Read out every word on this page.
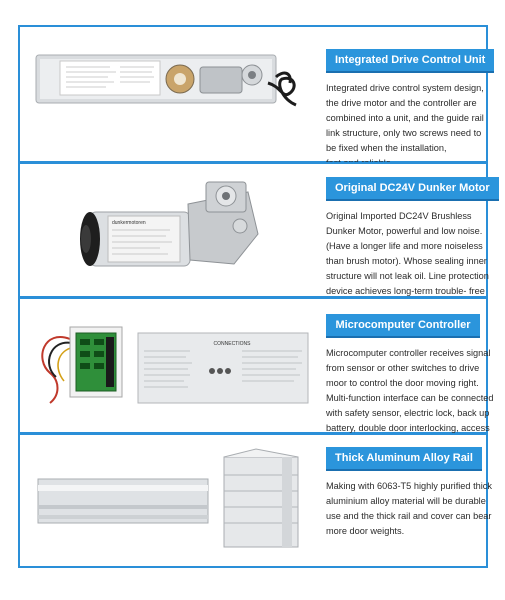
Integrated Drive Control Unit
Integrated drive control system design,
the drive motor and the controller are
combined into a unit, and the guide rail
link structure, only two screws need to
be fixed when the installation,
dunkermotoren
Original DC24V Dunker Motor
Original Imported DC24V Brushless
Dunker Motor, powerful and low noise.
(Have a longer life and more noiseless
than brush motor). Whose sealing inner
structure will not leak oil. Line protection
device achieves long-term trouble- free
CONNECTIONS
Microcomputer Controller
Microcomputer controller receives signal
from sensor or other switches to drive
moor to control the door moving right.
Multi-function interface can be connected
with safety sensor, electric lock, back up
battery, double door interlocking, access
Thick Aluminum Alloy Rail
Making with 6063-T5 highly purified thick
aluminium alloy material will be durable
use and the thick rail and cover can bear
more door weights.
